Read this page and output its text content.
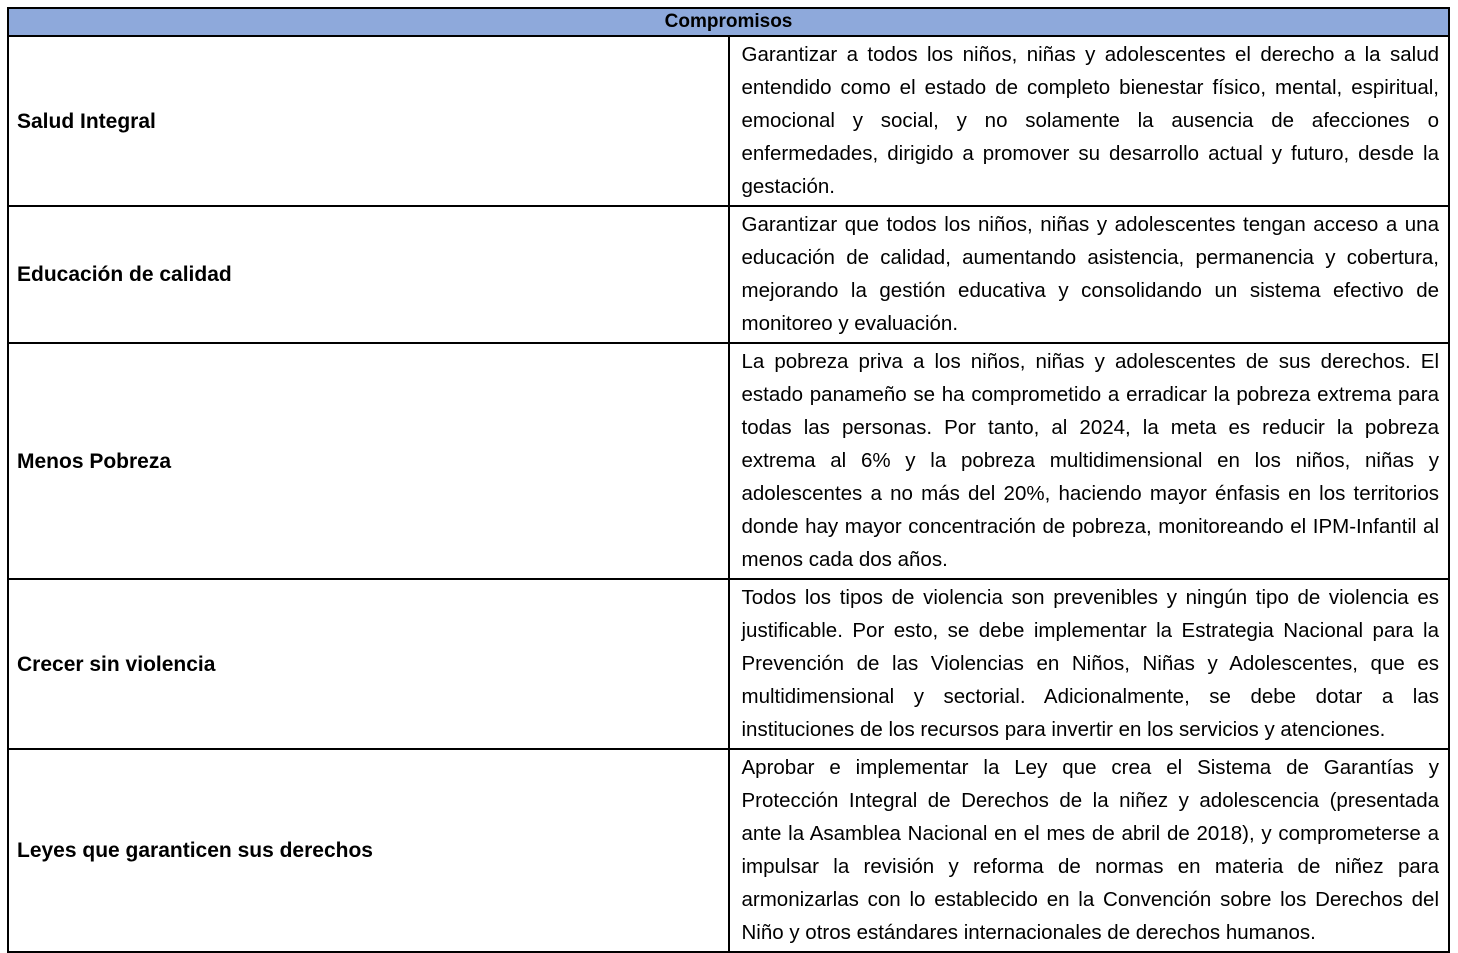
Compromisos	
Salud Integral	Garantizar a todos los niños, niñas y adolescentes el derecho a la salud entendido como el estado de completo bienestar físico, mental, espiritual, emocional y social, y no solamente la ausencia de afecciones o enfermedades, dirigido a promover su desarrollo actual y futuro, desde la gestación.
Educación de calidad	Garantizar que todos los niños, niñas y adolescentes tengan acceso a una educación de calidad, aumentando asistencia, permanencia y cobertura, mejorando la gestión educativa y consolidando un sistema efectivo de monitoreo y evaluación.
Menos Pobreza	La pobreza priva a los niños, niñas y adolescentes de sus derechos. El estado panameño se ha comprometido a erradicar la pobreza extrema para todas las personas. Por tanto, al 2024, la meta es reducir la pobreza extrema al 6% y la pobreza multidimensional en los niños, niñas y adolescentes a no más del 20%, haciendo mayor énfasis en los territorios donde hay mayor concentración de pobreza, monitoreando el IPM-Infantil al menos cada dos años.
Crecer sin violencia	Todos los tipos de violencia son prevenibles y ningún tipo de violencia es justificable. Por esto, se debe implementar la Estrategia Nacional para la Prevención de las Violencias en Niños, Niñas y Adolescentes, que es multidimensional y sectorial. Adicionalmente, se debe dotar a las instituciones de los recursos para invertir en los servicios y atenciones.
Leyes que garanticen sus derechos	Aprobar e implementar la Ley que crea el Sistema de Garantías y Protección Integral de Derechos de la niñez y adolescencia (presentada ante la Asamblea Nacional en el mes de abril de 2018), y comprometerse a impulsar la revisión y reforma de normas en materia de niñez para armonizarlas con lo establecido en la Convención sobre los Derechos del Niño y otros estándares internacionales de derechos humanos.
